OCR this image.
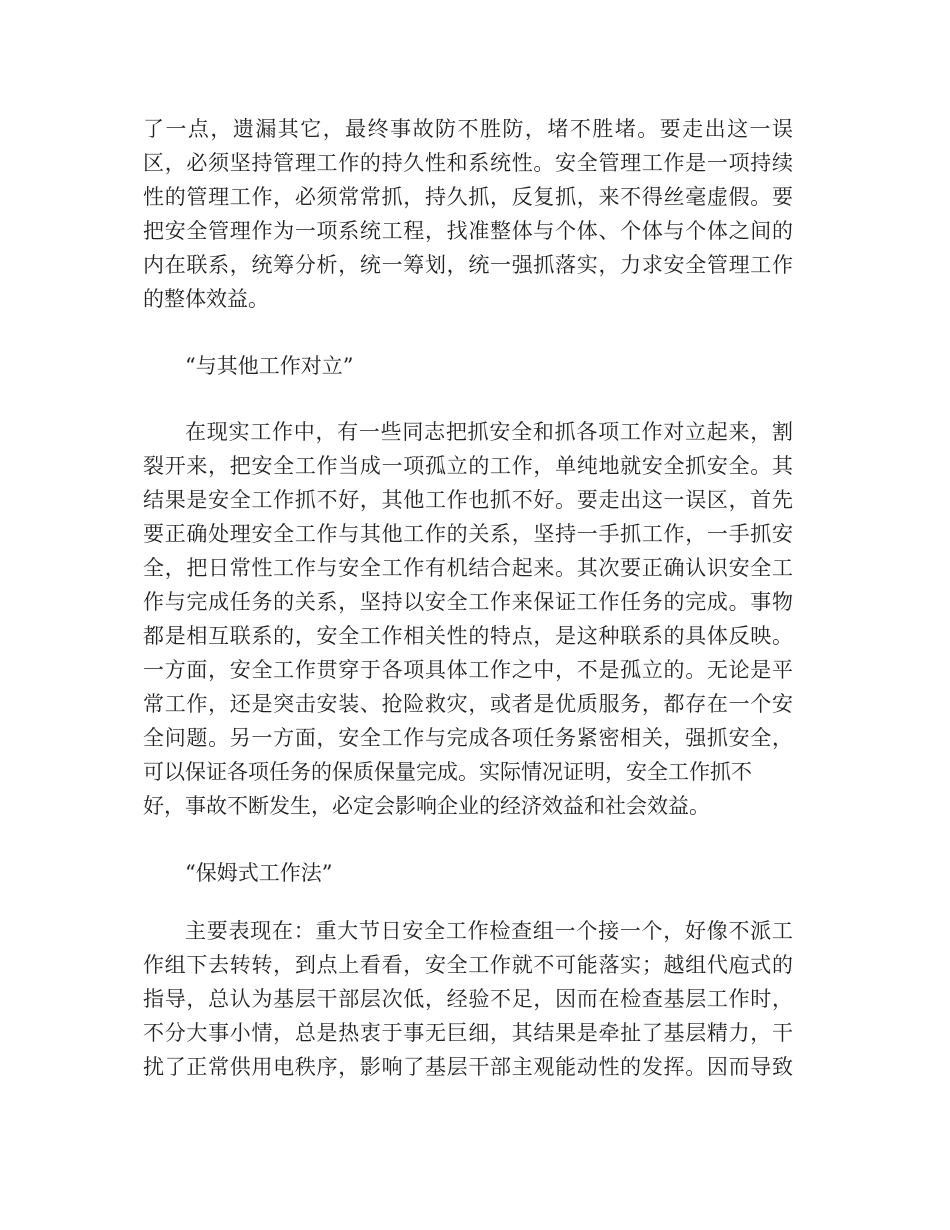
了一点，遗漏其它，最终事故防不胜防，堵不胜堵。要走出这一误
区，必须坚持管理工作的持久性和系统性。安全管理工作是一项持续
性的管理工作，必须常常抓，持久抓，反复抓，来不得丝毫虚假。要
把安全管理作为一项系统工程，找准整体与个体、个体与个体之间的
内在联系，统筹分析，统一筹划，统一强抓落实，力求安全管理工作
的整体效益。
“与其他工作对立”
在现实工作中，有一些同志把抓安全和抓各项工作对立起来，割
裂开来，把安全工作当成一项孤立的工作，单纯地就安全抓安全。其
结果是安全工作抓不好，其他工作也抓不好。要走出这一误区，首先
要正确处理安全工作与其他工作的关系，坚持一手抓工作，一手抓安
全，把日常性工作与安全工作有机结合起来。其次要正确认识安全工
作与完成任务的关系，坚持以安全工作来保证工作任务的完成。事物
都是相互联系的，安全工作相关性的特点，是这种联系的具体反映。
一方面，安全工作贯穿于各项具体工作之中，不是孤立的。无论是平
常工作，还是突击安装、抢险救灾，或者是优质服务，都存在一个安
全问题。另一方面，安全工作与完成各项任务紧密相关，强抓安全，
可以保证各项任务的保质保量完成。实际情况证明，安全工作抓不
好，事故不断发生，必定会影响企业的经济效益和社会效益。
“保姆式工作法”
主要表现在：重大节日安全工作检查组一个接一个，好像不派工
作组下去转转，到点上看看，安全工作就不可能落实；越组代庖式的
指导，总认为基层干部层次低，经验不足，因而在检查基层工作时，
不分大事小情，总是热衷于事无巨细，其结果是牵扯了基层精力，干
扰了正常供用电秩序，影响了基层干部主观能动性的发挥。因而导致
